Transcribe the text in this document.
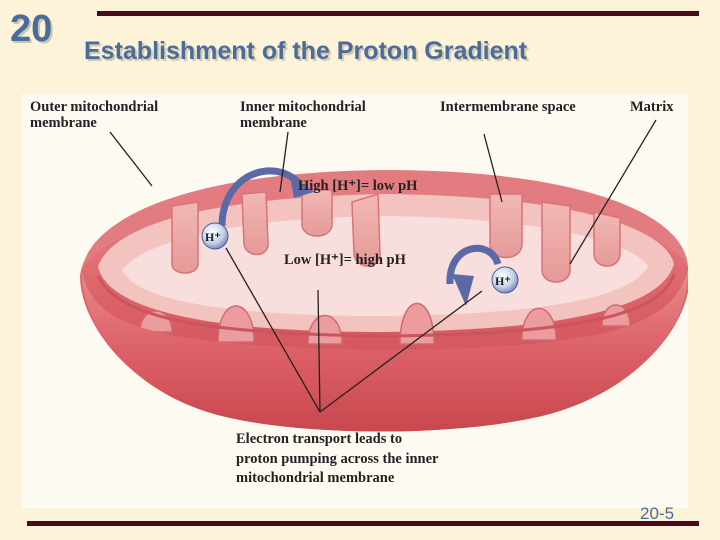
20
Establishment of the Proton Gradient
Outer mitochondrial membrane
Inner mitochondrial membrane
Intermembrane space	Matrix
High [H⁺]= low pH
Low [H⁺]= high pH
H⁺
H⁺
Electron transport leads to proton pumping across the inner mitochondrial membrane
20-5
